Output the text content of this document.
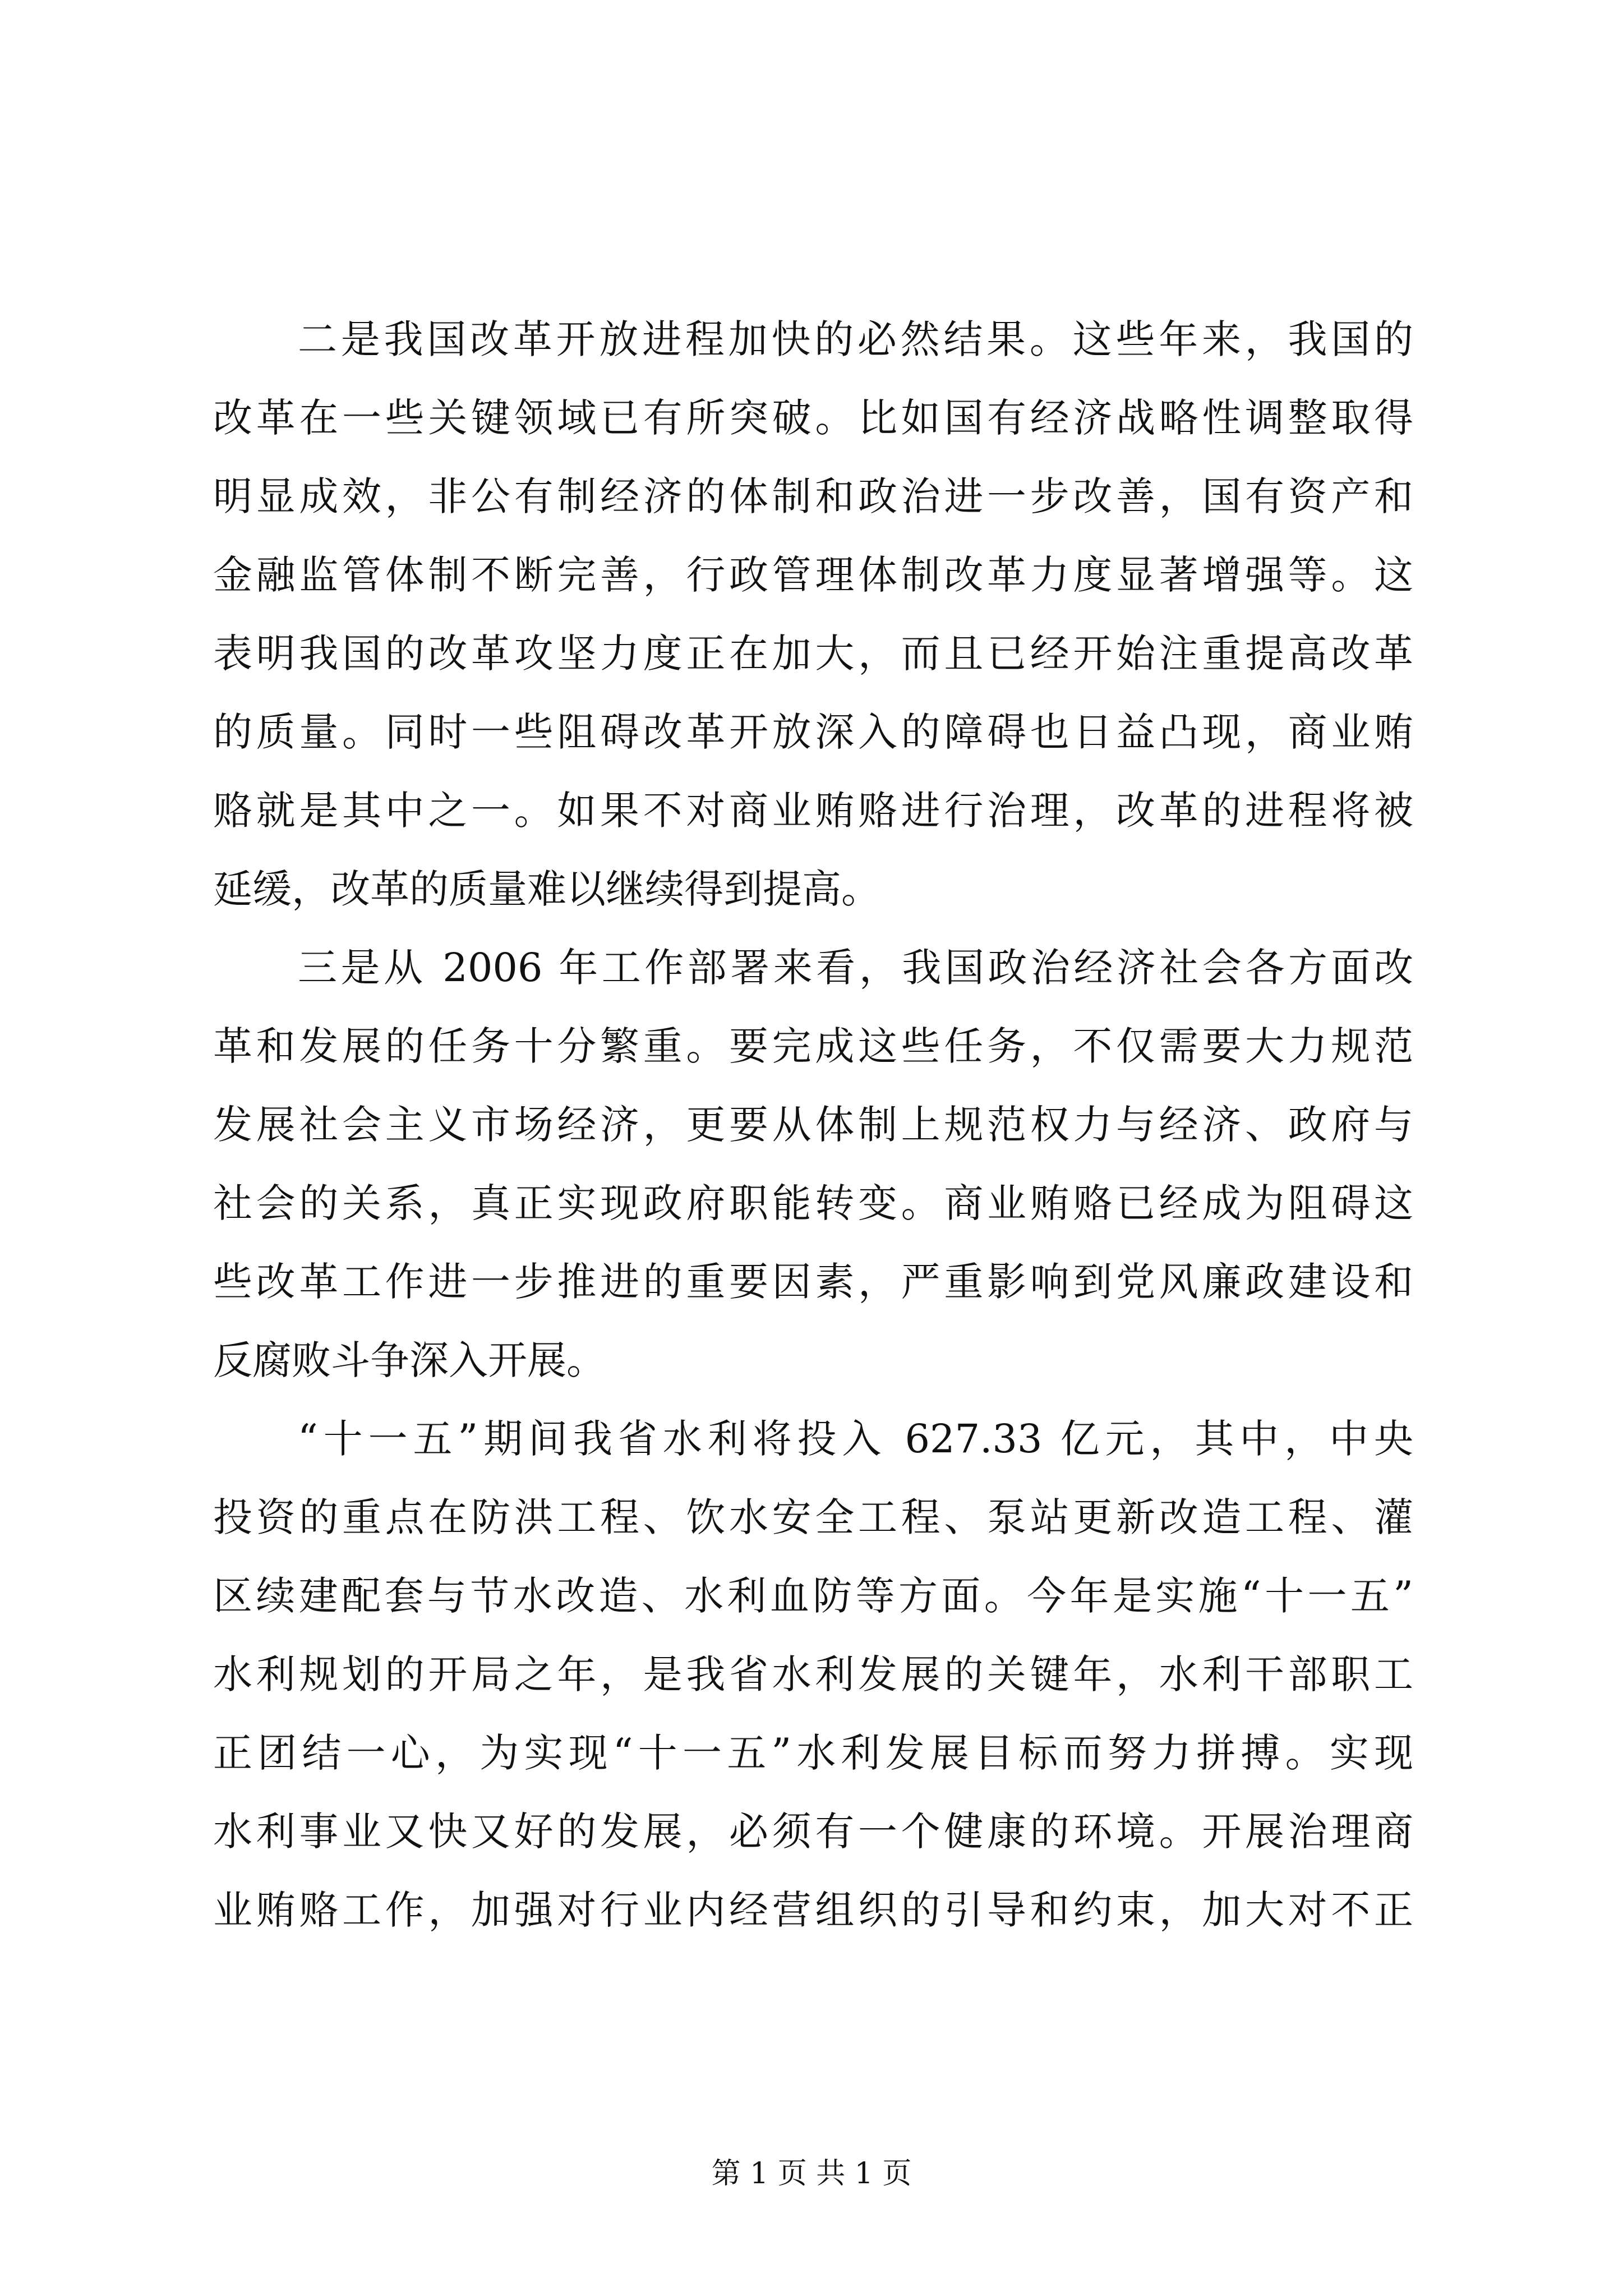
二是我国改革开放进程加快的必然结果。这些年来，我国的
改革在一些关键领域已有所突破。比如国有经济战略性调整取得
明显成效，非公有制经济的体制和政治进一步改善，国有资产和
金融监管体制不断完善，行政管理体制改革力度显著增强等。这
表明我国的改革攻坚力度正在加大，而且已经开始注重提高改革
的质量。同时一些阻碍改革开放深入的障碍也日益凸现，商业贿
赂就是其中之一。如果不对商业贿赂进行治理，改革的进程将被
延缓，改革的质量难以继续得到提高。
三是从 2006 年工作部署来看，我国政治经济社会各方面改
革和发展的任务十分繁重。要完成这些任务，不仅需要大力规范
发展社会主义市场经济，更要从体制上规范权力与经济、政府与
社会的关系，真正实现政府职能转变。商业贿赂已经成为阻碍这
些改革工作进一步推进的重要因素，严重影响到党风廉政建设和
反腐败斗争深入开展。
“十一五”期间我省水利将投入 627.33 亿元，其中，中央
投资的重点在防洪工程、饮水安全工程、泵站更新改造工程、灌
区续建配套与节水改造、水利血防等方面。今年是实施“十一五”
水利规划的开局之年，是我省水利发展的关键年，水利干部职工
正团结一心，为实现“十一五”水利发展目标而努力拼搏。实现
水利事业又快又好的发展，必须有一个健康的环境。开展治理商
业贿赂工作，加强对行业内经营组织的引导和约束，加大对不正
第 1 页 共 1 页
